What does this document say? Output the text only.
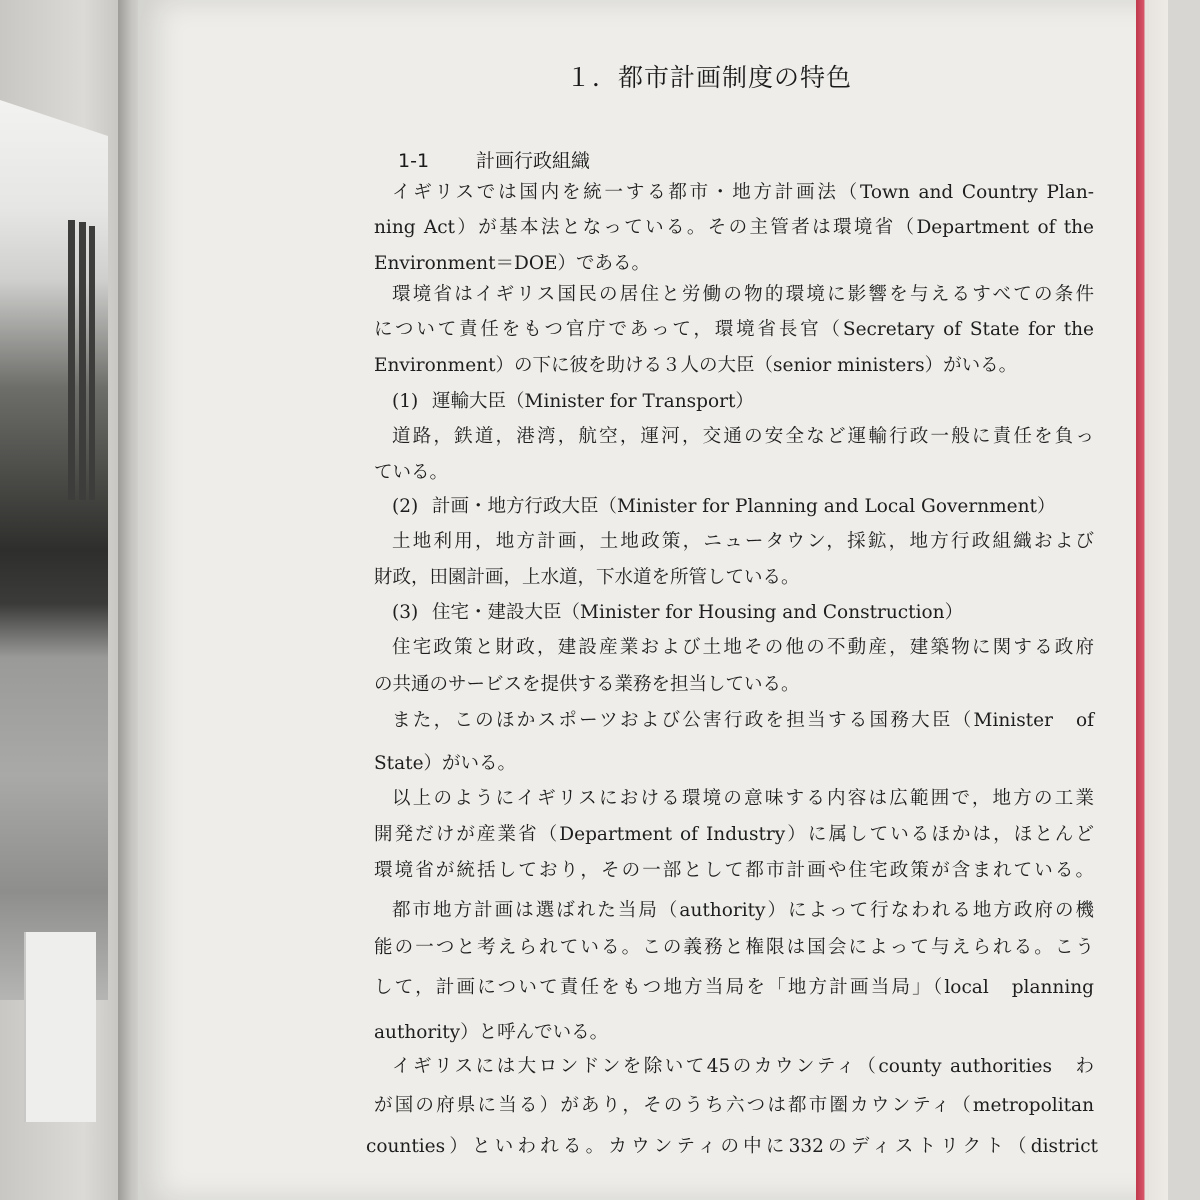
１．都市計画制度の特色
1-1 計画行政組織
イギリスでは国内を統一する都市・地方計画法（Town and Country Plan-
ning Act）が基本法となっている。その主管者は環境省（Department of the
Environment＝DOE）である。
環境省はイギリス国民の居住と労働の物的環境に影響を与えるすべての条件
について責任をもつ官庁であって，環境省長官（Secretary of State for the
Environment）の下に彼を助ける３人の大臣（senior ministers）がいる。
(1) 運輸大臣（Minister for Transport）
道路，鉄道，港湾，航空，運河，交通の安全など運輸行政一般に責任を負っ
ている。
(2) 計画・地方行政大臣（Minister for Planning and Local Government）
土地利用，地方計画，土地政策，ニュータウン，採鉱，地方行政組織および
財政，田園計画，上水道，下水道を所管している。
(3) 住宅・建設大臣（Minister for Housing and Construction）
住宅政策と財政，建設産業および土地その他の不動産，建築物に関する政府
の共通のサービスを提供する業務を担当している。
また，このほかスポーツおよび公害行政を担当する国務大臣（Minister　of
State）がいる。
以上のようにイギリスにおける環境の意味する内容は広範囲で，地方の工業
開発だけが産業省（Department of Industry）に属しているほかは，ほとんど
環境省が統括しており，その一部として都市計画や住宅政策が含まれている。
都市地方計画は選ばれた当局（authority）によって行なわれる地方政府の機
能の一つと考えられている。この義務と権限は国会によって与えられる。こう
して，計画について責任をもつ地方当局を「地方計画当局」（local　planning
authority）と呼んでいる。
イギリスには大ロンドンを除いて45のカウンティ（county authorities　わ
が国の府県に当る）があり，そのうち六つは都市圏カウンティ（metropolitan
counties）といわれる。カウンティの中に332のディストリクト（district
